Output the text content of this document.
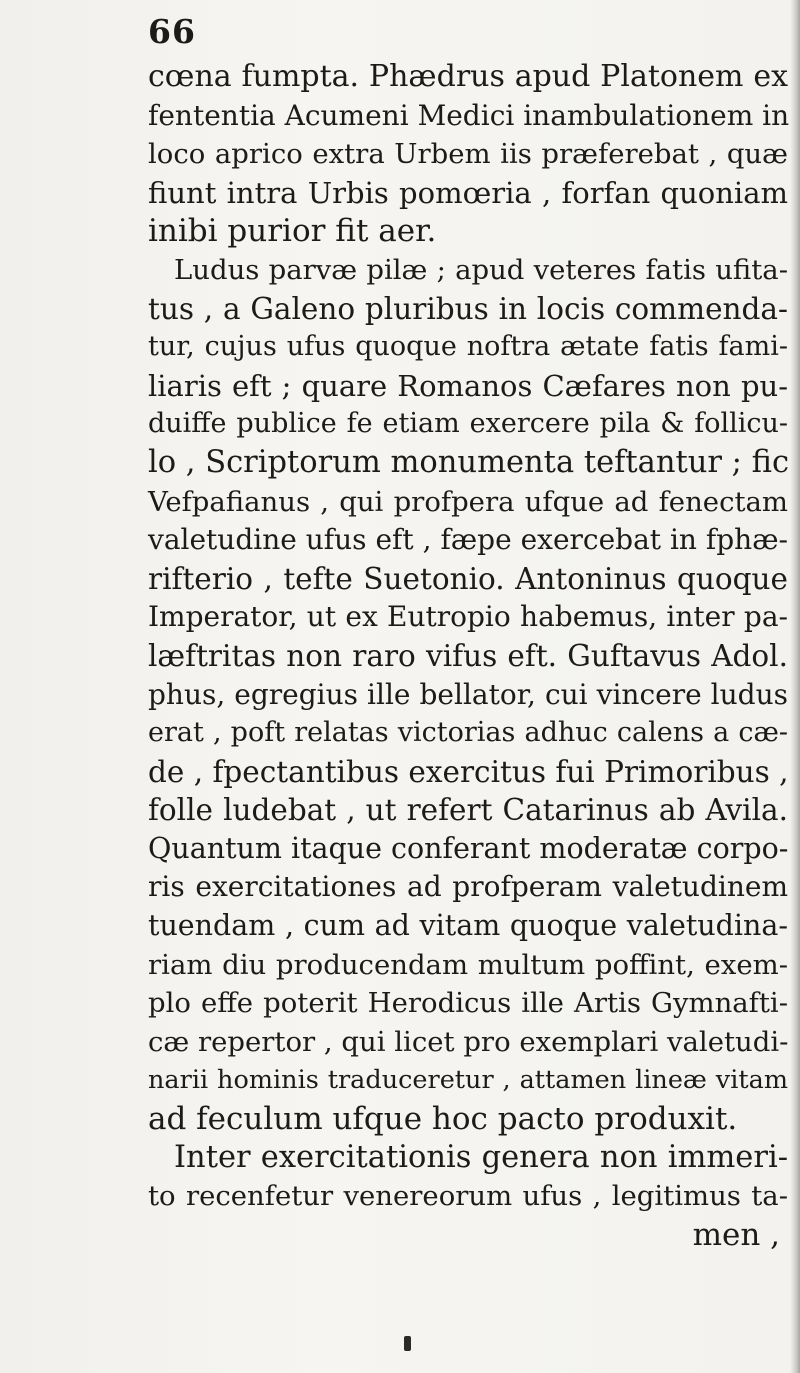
66
cœna fumpta. Phædrus apud Platonem ex
fententia Acumeni Medici inambulationem in
loco aprico extra Urbem iis præferebat , quæ
fiunt intra Urbis pomœria , forfan quoniam
inibi purior fit aer.
Ludus parvæ pilæ ; apud veteres fatis ufita-
tus , a Galeno pluribus in locis commenda-
tur, cujus ufus quoque noftra ætate fatis fami-
liaris eft ; quare Romanos Cæfares non pu-
duiffe publice fe etiam exercere pila & follicu-
lo , Scriptorum monumenta teftantur ; fic
Vefpafianus , qui profpera ufque ad fenectam
valetudine ufus eft , fæpe exercebat in fphæ-
rifterio , tefte Suetonio. Antoninus quoque
Imperator, ut ex Eutropio habemus, inter pa-
læftritas non raro vifus eft. Guftavus Adol.
phus, egregius ille bellator, cui vincere ludus
erat , poft relatas victorias adhuc calens a cæ-
de , fpectantibus exercitus fui Primoribus ,
folle ludebat , ut refert Catarinus ab Avila.
Quantum itaque conferant moderatæ corpo-
ris exercitationes ad profperam valetudinem
tuendam , cum ad vitam quoque valetudina-
riam diu producendam multum poffint, exem-
plo effe poterit Herodicus ille Artis Gymnafti-
cæ repertor , qui licet pro exemplari valetudi-
narii hominis traduceretur , attamen lineæ vitam
ad feculum ufque hoc pacto produxit.
Inter exercitationis genera non immeri-
to recenfetur venereorum ufus , legitimus ta-
men ,
